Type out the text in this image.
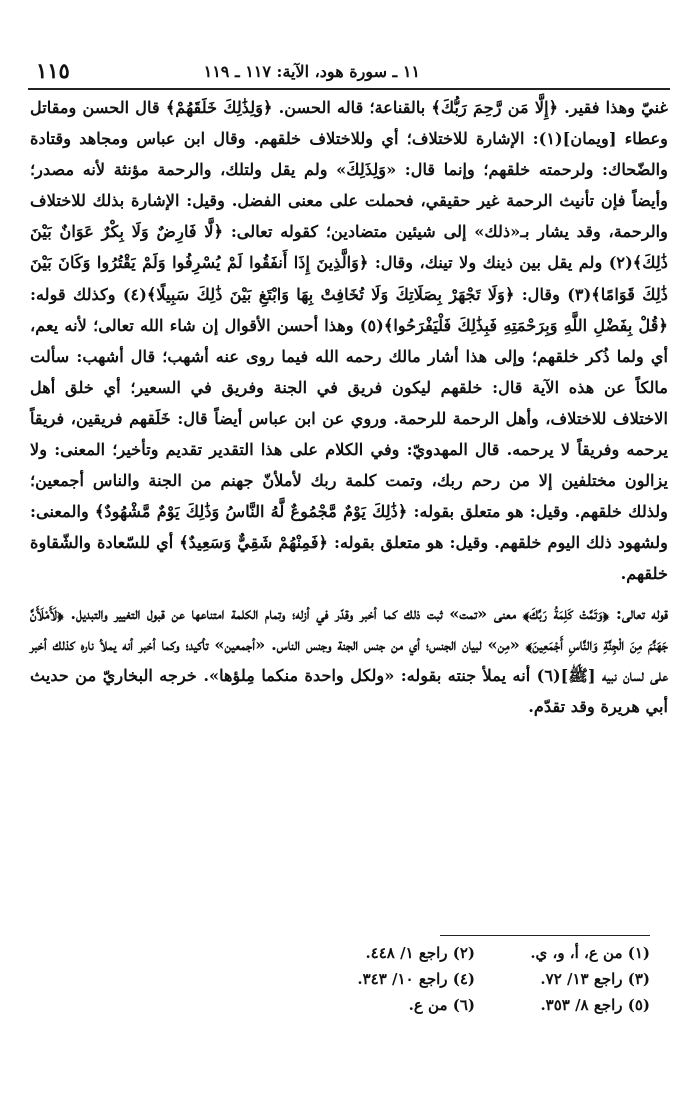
١١٥	١١ ـ سورة هود، الآية: ١١٧ ـ ١١٩

غنيّ وهذا فقير. ﴿إِلَّا مَن رَّحِمَ رَبُّكَ﴾ بالقناعة؛ قاله الحسن. ﴿وَلِذَٰلِكَ خَلَقَهُمْ﴾ قال الحسن ومقاتل وعطاء [ويمان](١): الإشارة للاختلاف؛ أي وللاختلاف خلقهم. وقال ابن عباس ومجاهد وقتادة والضّحاك: ولرحمته خلقهم؛ وإنما قال: «وَلِذَلِكَ» ولم يقل ولتلك، والرحمة مؤنثة لأنه مصدر؛ وأيضاً فإن تأنيث الرحمة غير حقيقي، فحملت على معنى الفضل. وقيل: الإشارة بذلك للاختلاف والرحمة، وقد يشار بـ«ذلك» إلى شيئين متضادين؛ كقوله تعالى: ﴿لَّا فَارِضٌ وَلَا بِكْرٌ عَوَانٌ بَيْنَ ذَٰلِكَ﴾(٢) ولم يقل بين ذينك ولا تينك، وقال: ﴿وَالَّذِينَ إِذَا أَنفَقُوا لَمْ يُسْرِفُوا وَلَمْ يَقْتُرُوا وَكَانَ بَيْنَ ذَٰلِكَ قَوَامًا﴾(٣) وقال: ﴿وَلَا تَجْهَرْ بِصَلَاتِكَ وَلَا تُخَافِتْ بِهَا وَابْتَغِ بَيْنَ ذَٰلِكَ سَبِيلًا﴾(٤) وكذلك قوله: ﴿قُلْ بِفَضْلِ اللَّهِ وَبِرَحْمَتِهِ فَبِذَٰلِكَ فَلْيَفْرَحُوا﴾(٥) وهذا أحسن الأقوال إن شاء الله تعالى؛ لأنه يعم، أي ولما ذُكر خلقهم؛ وإلى هذا أشار مالك رحمه الله فيما روى عنه أشهب؛ قال أشهب: سألت مالكاً عن هذه الآية قال: خلقهم ليكون فريق في الجنة وفريق في السعير؛ أي خلق أهل الاختلاف للاختلاف، وأهل الرحمة للرحمة. وروي عن ابن عباس أيضاً قال: خَلَقهم فريقين، فريقاً يرحمه وفريقاً لا يرحمه. قال المهدويّ: وفي الكلام على هذا التقدير تقديم وتأخير؛ المعنى: ولا يزالون مختلفين إلا من رحم ربك، وتمت كلمة ربك لأملأنّ جهنم من الجنة والناس أجمعين؛ ولذلك خلقهم. وقيل: هو متعلق بقوله: ﴿ذَٰلِكَ يَوْمٌ مَّجْمُوعٌ لَّهُ النَّاسُ وَذَٰلِكَ يَوْمٌ مَّشْهُودٌ﴾ والمعنى: ولشهود ذلك اليوم خلقهم. وقيل: هو متعلق بقوله: ﴿فَمِنْهُمْ شَقِيٌّ وَسَعِيدٌ﴾ أي للسّعادة والشّقاوة خلقهم.

قوله تعالى: ﴿وَتَمَّتْ كَلِمَةُ رَبِّكَ﴾ معنى «تمت» ثبت ذلك كما أخبر وقدّر في أزله؛ وتمام الكلمة امتناعها عن قبول التغيير والتبديل. ﴿لَأَمْلَأَنَّ جَهَنَّمَ مِنَ الْجِنَّةِ وَالنَّاسِ أَجْمَعِينَ﴾ «مِن» لبيان الجنس؛ أي من جنس الجنة وجنس الناس. «أجمعين» تأكيد؛ وكما أخبر أنه يملأ ناره كذلك أخبر على لسان نبيه [ﷺ](٦) أنه يملأ جنته بقوله: «ولكل واحدة منكما مِلؤها». خرجه البخاريّ من حديث أبي هريرة وقد تقدّم.

(١) من ع، أ، و، ي.
(٢) راجع ١/ ٤٤٨.
(٣) راجع ١٣/ ٧٢.
(٤) راجع ١٠/ ٣٤٣.
(٥) راجع ٨/ ٣٥٣.
(٦) من ع.
